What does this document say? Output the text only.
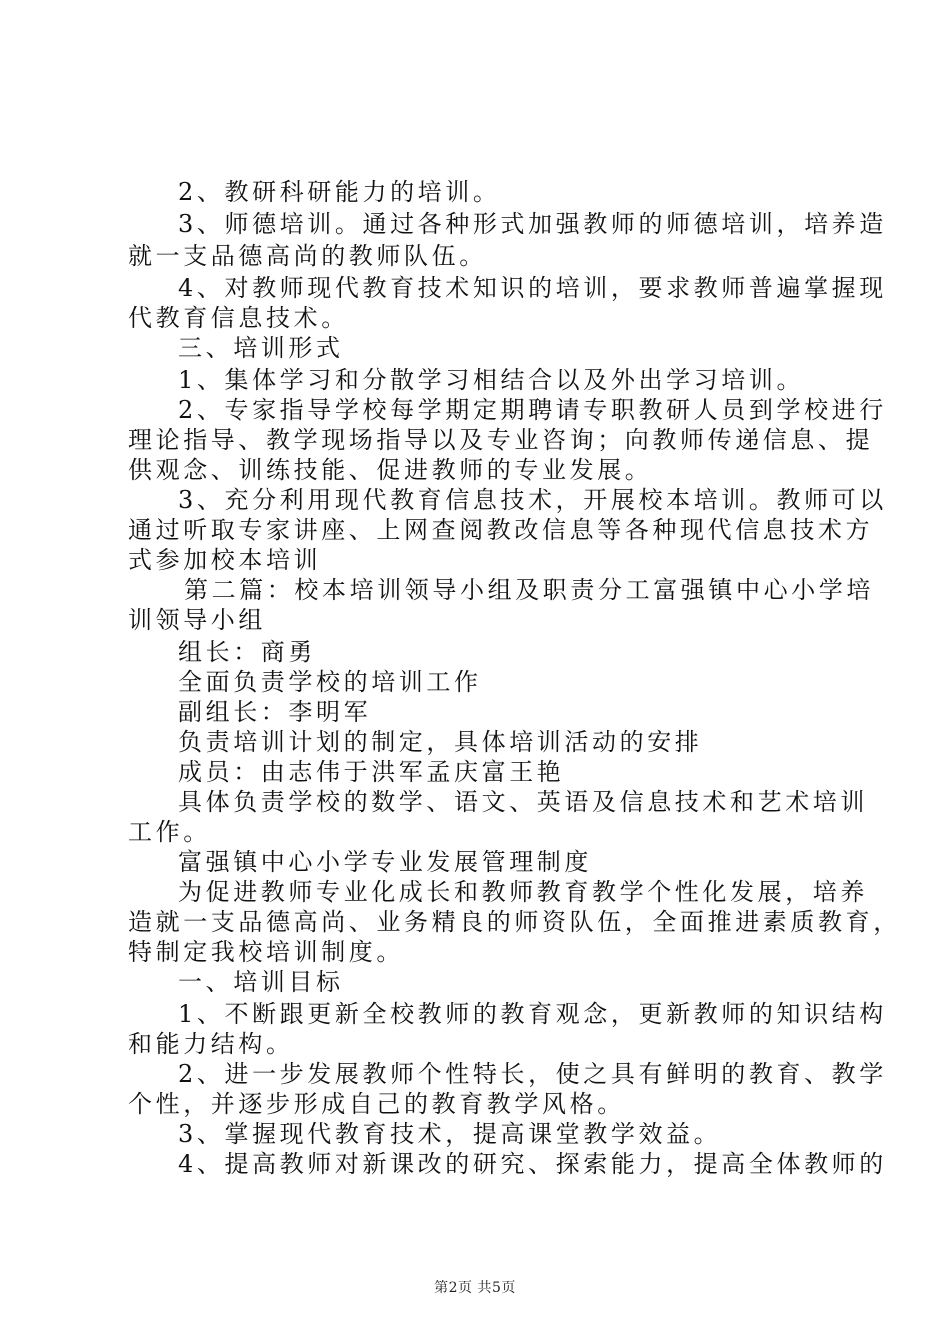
2、教研科研能力的培训。
3、师德培训。通过各种形式加强教师的师德培训，培养造
就一支品德高尚的教师队伍。
4、对教师现代教育技术知识的培训，要求教师普遍掌握现
代教育信息技术。
三、培训形式
1、集体学习和分散学习相结合以及外出学习培训。
2、专家指导学校每学期定期聘请专职教研人员到学校进行
理论指导、教学现场指导以及专业咨询；向教师传递信息、提
供观念、训练技能、促进教师的专业发展。
3、充分利用现代教育信息技术，开展校本培训。教师可以
通过听取专家讲座、上网查阅教改信息等各种现代信息技术方
式参加校本培训
第二篇：校本培训领导小组及职责分工富强镇中心小学培
训领导小组
组长：商勇
全面负责学校的培训工作
副组长：李明军
负责培训计划的制定，具体培训活动的安排
成员：由志伟于洪军孟庆富王艳
具体负责学校的数学、语文、英语及信息技术和艺术培训
工作。
富强镇中心小学专业发展管理制度
为促进教师专业化成长和教师教育教学个性化发展，培养
造就一支品德高尚、业务精良的师资队伍，全面推进素质教育，
特制定我校培训制度。
一、培训目标
1、不断跟更新全校教师的教育观念，更新教师的知识结构
和能力结构。
2、进一步发展教师个性特长，使之具有鲜明的教育、教学
个性，并逐步形成自己的教育教学风格。
3、掌握现代教育技术，提高课堂教学效益。
4、提高教师对新课改的研究、探索能力，提高全体教师的
第2页 共5页
